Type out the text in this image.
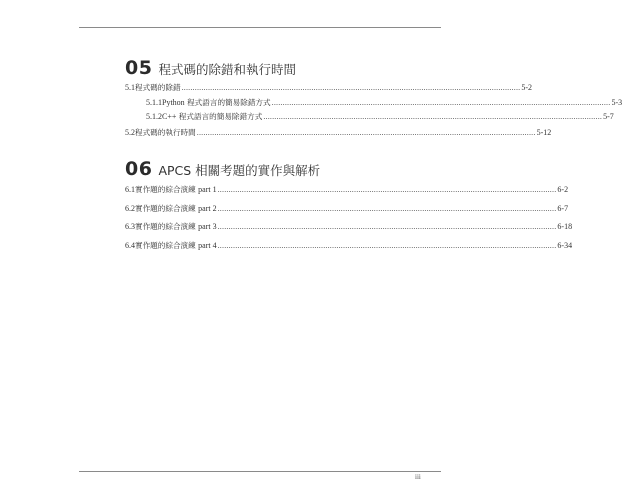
05 程式碼的除錯和執行時間
5.1 程式碼的除錯 .......................................................................................................................................................... 5-2
5.1.1 Python 程式語言的簡易除錯方式 .......................................................................................................................................................... 5-3
5.1.2 C++ 程式語言的簡易除錯方式 .......................................................................................................................................................... 5-7
5.2 程式碼的執行時間 .......................................................................................................................................................... 5-12
06 APCS 相關考題的實作與解析
6.1 實作題的綜合演練 part 1 .......................................................................................................................................................... 6-2
6.2 實作題的綜合演練 part 2 .......................................................................................................................................................... 6-7
6.3 實作題的綜合演練 part 3 .......................................................................................................................................................... 6-18
6.4 實作題的綜合演練 part 4 .......................................................................................................................................................... 6-34
iii
